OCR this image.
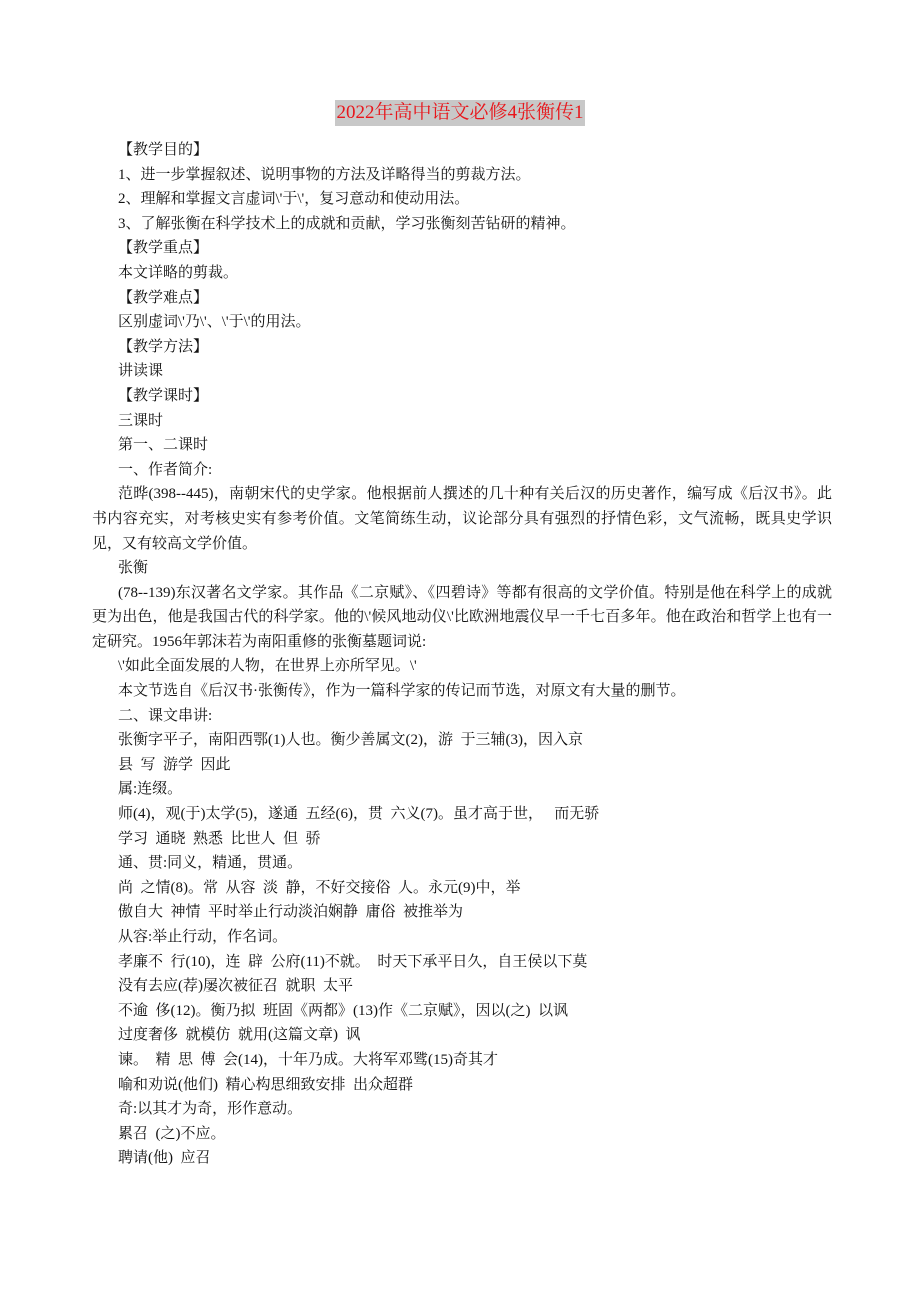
2022年高中语文必修4张衡传1

【教学目的】

1、进一步掌握叙述、说明事物的方法及详略得当的剪裁方法。

2、理解和掌握文言虚词\'于\'，复习意动和使动用法。

3、了解张衡在科学技术上的成就和贡献，学习张衡刻苦钻研的精神。

【教学重点】

本文详略的剪裁。

【教学难点】

区别虚词\'乃\'、\'于\'的用法。

【教学方法】

讲读课

【教学课时】

三课时

第一、二课时

一、作者简介:

范晔(398--445)，南朝宋代的史学家。他根据前人撰述的几十种有关后汉的历史著作，编写成《后汉书》。此书内容充实，对考核史实有参考价值。文笔简练生动，议论部分具有强烈的抒情色彩，文气流畅，既具史学识见，又有较高文学价值。

张衡

(78--139)东汉著名文学家。其作品《二京赋》、《四碧诗》等都有很高的文学价值。特别是他在科学上的成就更为出色，他是我国古代的科学家。他的\'候风地动仪\'比欧洲地震仪早一千七百多年。他在政治和哲学上也有一定研究。1956年郭沫若为南阳重修的张衡墓题词说:

\'如此全面发展的人物，在世界上亦所罕见。\'

本文节选自《后汉书·张衡传》，作为一篇科学家的传记而节选，对原文有大量的删节。

二、课文串讲:

张衡字平子，南阳西鄂(1)人也。衡少善属文(2)，游  于三辅(3)，因入京

县  写  游学  因此

属:连缀。

师(4)，观(于)太学(5)，遂通  五经(6)，贯  六义(7)。虽才高于世，   而无骄

学习  通晓  熟悉  比世人  但  骄

通、贯:同义，精通，贯通。

尚  之情(8)。常  从容  淡  静，不好交接俗  人。永元(9)中，举

傲自大  神情  平时举止行动淡泊娴静  庸俗  被推举为

从容:举止行动，作名词。

孝廉不  行(10)，连  辟  公府(11)不就。  时天下承平日久，自王侯以下莫

没有去应(荐)屡次被征召  就职  太平

不逾  侈(12)。衡乃拟  班固《两都》(13)作《二京赋》，因以(之)  以讽

过度奢侈  就模仿  就用(这篇文章)  讽

谏。  精  思  傅  会(14)，十年乃成。大将军邓骘(15)奇其才

喻和劝说(他们)  精心构思细致安排  出众超群

奇:以其才为奇，形作意动。

累召  (之)不应。

聘请(他)  应召
